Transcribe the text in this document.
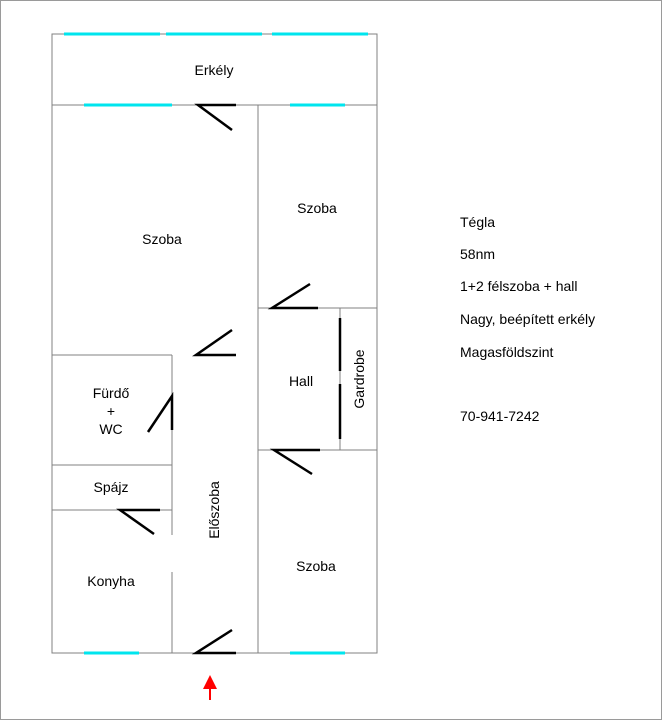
Erkély
Szoba
Szoba
Hall	Gardrobe
Fürdő
+
WC
Spájz	Előszoba
Konyha
Szoba
Tégla
58nm
1+2 félszoba + hall
Nagy, beépített erkély
Magasföldszint
70-941-7242
